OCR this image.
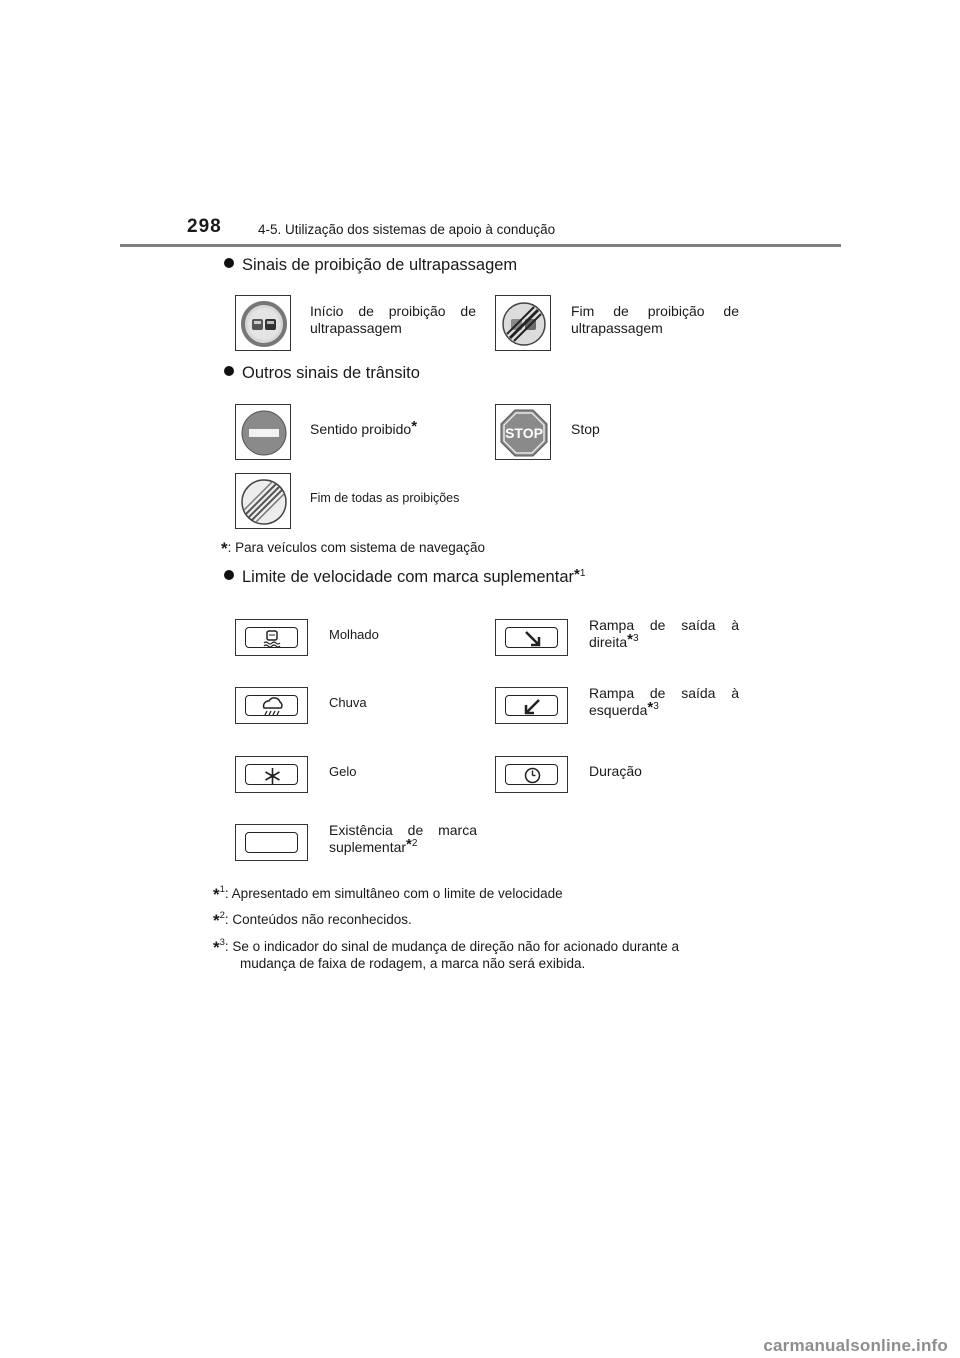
298	4-5. Utilização dos sistemas de apoio à condução
Sinais de proibição de ultrapassagem
Início de proibição de ultrapassagem
Fim de proibição de ultrapassagem
Outros sinais de trânsito
Sentido proibido*	STOP Stop
Fim de todas as proibições
*: Para veículos com sistema de navegação
Limite de velocidade com marca suplementar$^{*1}$
Molhado
Rampa de saída à
direita$^{*3}$
Chuva
Rampa de saída à
esquerda$^{*3}$
Gelo	Duração
Existência de marca
suplementar$^{*2}$
*$^1$: Apresentado em simultâneo com o limite de velocidade
*$^2$: Conteúdos não reconhecidos.
*$^3$: Se o indicador do sinal de mudança de direção não for acionado durante a
mudança de faixa de rodagem, a marca não será exibida.
carmanualsonline.info
